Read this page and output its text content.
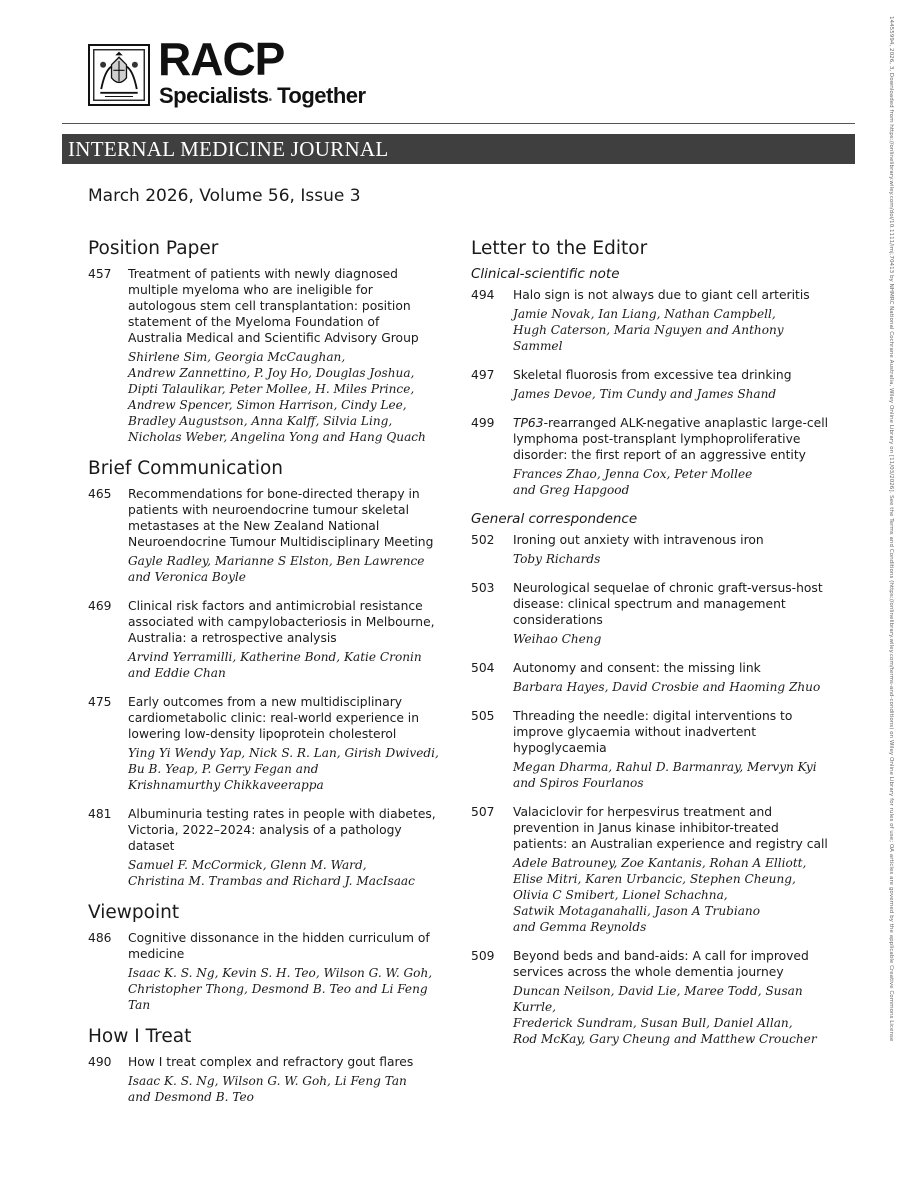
RACP
Specialists• Together
INTERNAL MEDICINE JOURNAL
March 2026, Volume 56, Issue 3
Position Paper
457 Treatment of patients with newly diagnosed
multiple myeloma who are ineligible for
autologous stem cell transplantation: position
statement of the Myeloma Foundation of
Australia Medical and Scientific Advisory Group
Shirlene Sim, Georgia McCaughan,
Andrew Zannettino, P. Joy Ho, Douglas Joshua,
Dipti Talaulikar, Peter Mollee, H. Miles Prince,
Andrew Spencer, Simon Harrison, Cindy Lee,
Bradley Augustson, Anna Kalff, Silvia Ling,
Nicholas Weber, Angelina Yong and Hang Quach
Brief Communication
465 Recommendations for bone-directed therapy in
patients with neuroendocrine tumour skeletal
metastases at the New Zealand National
Neuroendocrine Tumour Multidisciplinary Meeting
Gayle Radley, Marianne S Elston, Ben Lawrence
and Veronica Boyle
469 Clinical risk factors and antimicrobial resistance
associated with campylobacteriosis in Melbourne,
Australia: a retrospective analysis
Arvind Yerramilli, Katherine Bond, Katie Cronin
and Eddie Chan
475 Early outcomes from a new multidisciplinary
cardiometabolic clinic: real-world experience in
lowering low-density lipoprotein cholesterol
Ying Yi Wendy Yap, Nick S. R. Lan, Girish Dwivedi,
Bu B. Yeap, P. Gerry Fegan and
Krishnamurthy Chikkaveerappa
481 Albuminuria testing rates in people with diabetes,
Victoria, 2022–2024: analysis of a pathology dataset
Samuel F. McCormick, Glenn M. Ward,
Christina M. Trambas and Richard J. MacIsaac
Viewpoint
486 Cognitive dissonance in the hidden curriculum of
medicine
Isaac K. S. Ng, Kevin S. H. Teo, Wilson G. W. Goh,
Christopher Thong, Desmond B. Teo and Li Feng Tan
How I Treat
490 How I treat complex and refractory gout flares
Isaac K. S. Ng, Wilson G. W. Goh, Li Feng Tan
and Desmond B. Teo
Letter to the Editor
Clinical-scientific note
494 Halo sign is not always due to giant cell arteritis
Jamie Novak, Ian Liang, Nathan Campbell,
Hugh Caterson, Maria Nguyen and Anthony Sammel
497 Skeletal fluorosis from excessive tea drinking
James Devoe, Tim Cundy and James Shand
499 TP63-rearranged ALK-negative anaplastic large-cell
lymphoma post-transplant lymphoproliferative
disorder: the first report of an aggressive entity
Frances Zhao, Jenna Cox, Peter Mollee
and Greg Hapgood
General correspondence
502 Ironing out anxiety with intravenous iron
Toby Richards
503 Neurological sequelae of chronic graft-versus-host
disease: clinical spectrum and management
considerations
Weihao Cheng
504 Autonomy and consent: the missing link
Barbara Hayes, David Crosbie and Haoming Zhuo
505 Threading the needle: digital interventions to
improve glycaemia without inadvertent
hypoglycaemia
Megan Dharma, Rahul D. Barmanray, Mervyn Kyi
and Spiros Fourlanos
507 Valaciclovir for herpesvirus treatment and
prevention in Janus kinase inhibitor-treated
patients: an Australian experience and registry call
Adele Batrouney, Zoe Kantanis, Rohan A Elliott,
Elise Mitri, Karen Urbancic, Stephen Cheung,
Olivia C Smibert, Lionel Schachna,
Satwik Motaganahalli, Jason A Trubiano
and Gemma Reynolds
509 Beyond beds and band-aids: A call for improved
services across the whole dementia journey
Duncan Neilson, David Lie, Maree Todd, Susan Kurrle,
Frederick Sundram, Susan Bull, Daniel Allan,
Rod McKay, Gary Cheung and Matthew Croucher	14455994, 2026, 3, Downloaded from https://onlinelibrary.wiley.com/doi/10.1111/imj.70413 by NHMRC National Cochrane Australia, Wiley Online Library on [11/03/2026]. See the Terms and Conditions (https://onlinelibrary.wiley.com/terms-and-conditions) on Wiley Online Library for rules of use; OA articles are governed by the applicable Creative Commons License
